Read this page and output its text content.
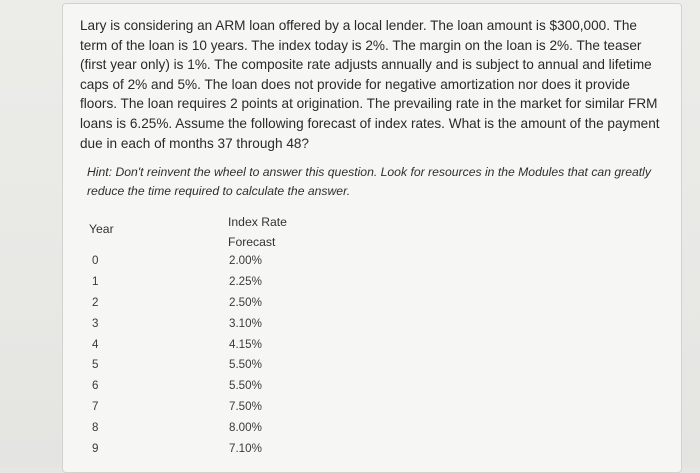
Lary is considering an ARM loan offered by a local lender. The loan amount is $300,000. The term of the loan is 10 years. The index today is 2%. The margin on the loan is 2%. The teaser (first year only) is 1%. The composite rate adjusts annually and is subject to annual and lifetime caps of 2% and 5%. The loan does not provide for negative amortization nor does it provide floors. The loan requires 2 points at origination. The prevailing rate in the market for similar FRM loans is 6.25%. Assume the following forecast of index rates. What is the amount of the payment due in each of months 37 through 48?

Hint: Don't reinvent the wheel to answer this question. Look for resources in the Modules that can greatly reduce the time required to calculate the answer.

Year	Index Rate
Forecast
0	2.00%
1	2.25%
2	2.50%
3	3.10%
4	4.15%
5	5.50%
6	5.50%
7	7.50%
8	8.00%
9	7.10%
